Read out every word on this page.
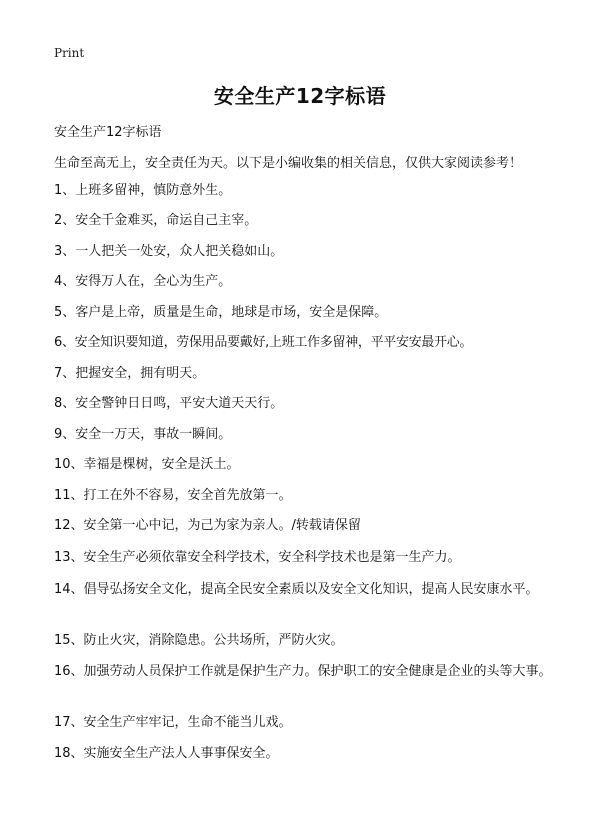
Print
安全生产12字标语
安全生产12字标语
生命至高无上，安全责任为天。以下是小编收集的相关信息，仅供大家阅读参考！
1、上班多留神，慎防意外生。
2、安全千金难买，命运自己主宰。
3、一人把关一处安，众人把关稳如山。
4、安得万人在，全心为生产。
5、客户是上帝，质量是生命，地球是市场，安全是保障。
6、安全知识要知道，劳保用品要戴好,上班工作多留神，平平安安最开心。
7、把握安全，拥有明天。
8、安全警钟日日鸣，平安大道天天行。
9、安全一万天，事故一瞬间。
10、幸福是棵树，安全是沃土。
11、打工在外不容易，安全首先放第一。
12、安全第一心中记，为己为家为亲人。/转载请保留
13、安全生产必须依靠安全科学技术，安全科学技术也是第一生产力。
14、倡导弘扬安全文化，提高全民安全素质以及安全文化知识，提高人民安康水平。
15、防止火灾，消除隐患。公共场所，严防火灾。
16、加强劳动人员保护工作就是保护生产力。保护职工的安全健康是企业的头等大事。
17、安全生产牢牢记，生命不能当儿戏。
18、实施安全生产法人人事事保安全。
